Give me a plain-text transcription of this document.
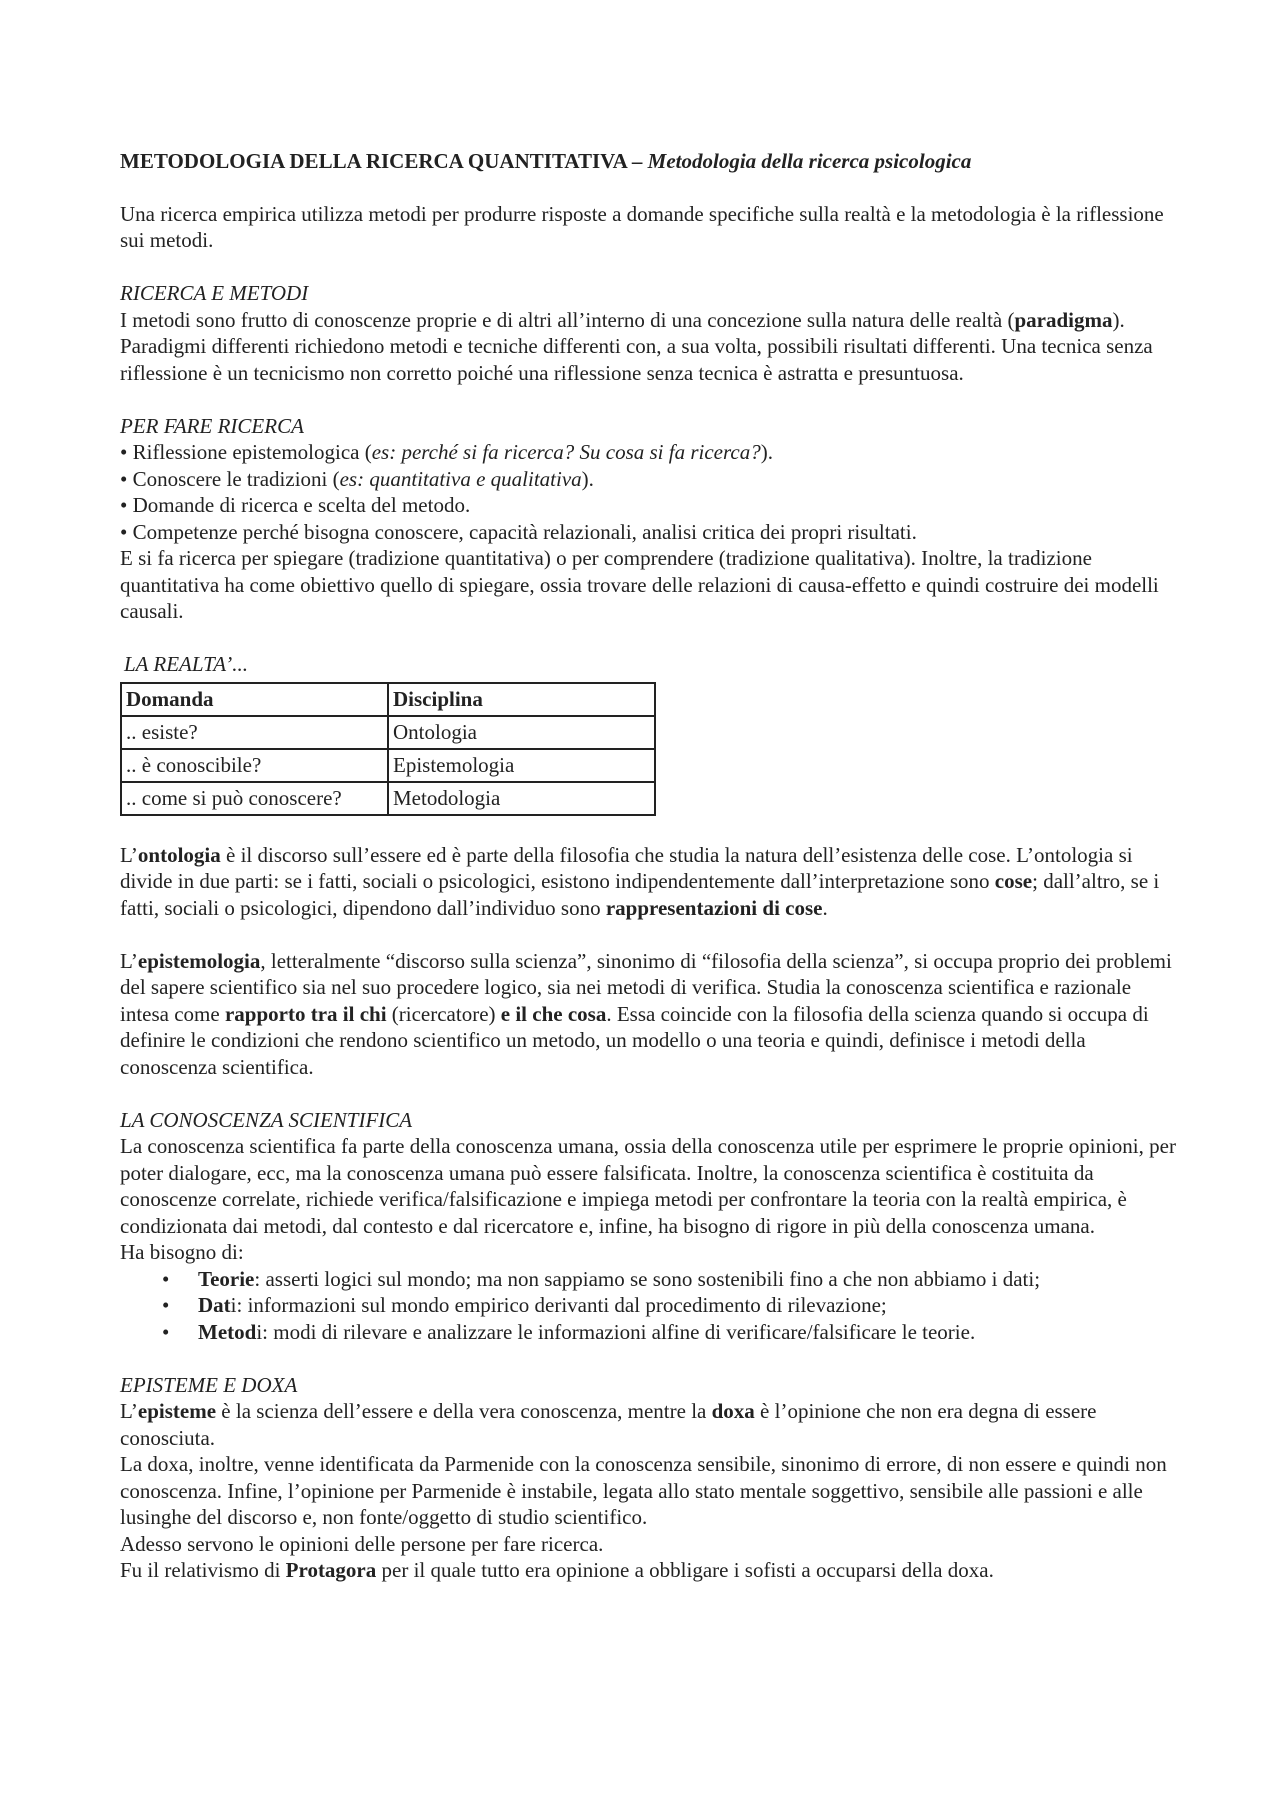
METODOLOGIA DELLA RICERCA QUANTITATIVA – Metodologia della ricerca psicologica

Una ricerca empirica utilizza metodi per produrre risposte a domande specifiche sulla realtà e la metodologia è la riflessione sui metodi.

RICERCA E METODI

I metodi sono frutto di conoscenze proprie e di altri all’interno di una concezione sulla natura delle realtà (paradigma). Paradigmi differenti richiedono metodi e tecniche differenti con, a sua volta, possibili risultati differenti. Una tecnica senza riflessione è un tecnicismo non corretto poiché una riflessione senza tecnica è astratta e presuntuosa.

PER FARE RICERCA

• Riflessione epistemologica (es: perché si fa ricerca? Su cosa si fa ricerca?).

• Conoscere le tradizioni (es: quantitativa e qualitativa).

• Domande di ricerca e scelta del metodo.

• Competenze perché bisogna conoscere, capacità relazionali, analisi critica dei propri risultati.

E si fa ricerca per spiegare (tradizione quantitativa) o per comprendere (tradizione qualitativa). Inoltre, la tradizione quantitativa ha come obiettivo quello di spiegare, ossia trovare delle relazioni di causa-effetto e quindi costruire dei modelli causali.

LA REALTA’...

Domanda	Disciplina
.. esiste?	Ontologia
.. è conoscibile?	Epistemologia
.. come si può conoscere?	Metodologia

L’ontologia è il discorso sull’essere ed è parte della filosofia che studia la natura dell’esistenza delle cose. L’ontologia si divide in due parti: se i fatti, sociali o psicologici, esistono indipendentemente dall’interpretazione sono cose; dall’altro, se i fatti, sociali o psicologici, dipendono dall’individuo sono rappresentazioni di cose.

L’epistemologia, letteralmente “discorso sulla scienza”, sinonimo di “filosofia della scienza”, si occupa proprio dei problemi del sapere scientifico sia nel suo procedere logico, sia nei metodi di verifica. Studia la conoscenza scientifica e razionale intesa come rapporto tra il chi (ricercatore) e il che cosa. Essa coincide con la filosofia della scienza quando si occupa di definire le condizioni che rendono scientifico un metodo, un modello o una teoria e quindi, definisce i metodi della conoscenza scientifica.

LA CONOSCENZA SCIENTIFICA

La conoscenza scientifica fa parte della conoscenza umana, ossia della conoscenza utile per esprimere le proprie opinioni, per poter dialogare, ecc, ma la conoscenza umana può essere falsificata. Inoltre, la conoscenza scientifica è costituita da conoscenze correlate, richiede verifica/falsificazione e impiega metodi per confrontare la teoria con la realtà empirica, è condizionata dai metodi, dal contesto e dal ricercatore e, infine, ha bisogno di rigore in più della conoscenza umana.

Ha bisogno di:

• Teorie: asserti logici sul mondo; ma non sappiamo se sono sostenibili fino a che non abbiamo i dati;
• Dati: informazioni sul mondo empirico derivanti dal procedimento di rilevazione;
• Metodi: modi di rilevare e analizzare le informazioni alfine di verificare/falsificare le teorie.

EPISTEME E DOXA

L’episteme è la scienza dell’essere e della vera conoscenza, mentre la doxa è l’opinione che non era degna di essere conosciuta.

La doxa, inoltre, venne identificata da Parmenide con la conoscenza sensibile, sinonimo di errore, di non essere e quindi non conoscenza. Infine, l’opinione per Parmenide è instabile, legata allo stato mentale soggettivo, sensibile alle passioni e alle lusinghe del discorso e, non fonte/oggetto di studio scientifico.

Adesso servono le opinioni delle persone per fare ricerca.

Fu il relativismo di Protagora per il quale tutto era opinione a obbligare i sofisti a occuparsi della doxa.
